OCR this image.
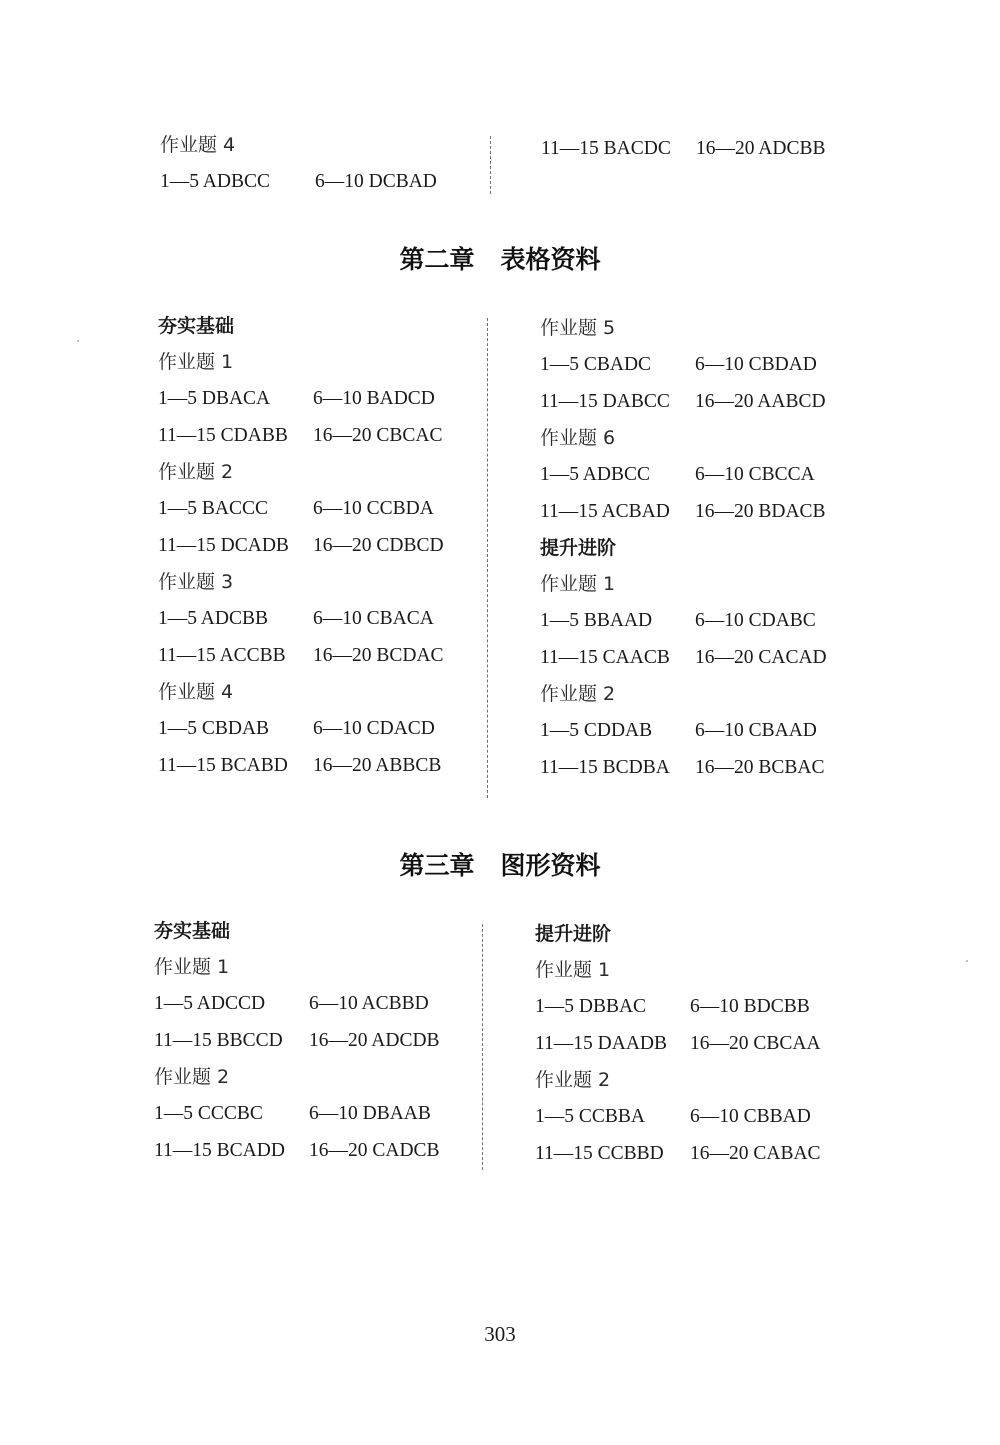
作业题 4
1—5 ADBCC 6—10 DCBAD
11—15 BACDC 16—20 ADCBB
第二章 表格资料
夯实基础
作业题 1
1—5 DBACA 6—10 BADCD
11—15 CDABB 16—20 CBCAC
作业题 2
1—5 BACCC 6—10 CCBDA
11—15 DCADB 16—20 CDBCD
作业题 3
1—5 ADCBB 6—10 CBACA
11—15 ACCBB 16—20 BCDAC
作业题 4
1—5 CBDAB 6—10 CDACD
11—15 BCABD 16—20 ABBCB
作业题 5
1—5 CBADC 6—10 CBDAD
11—15 DABCC 16—20 AABCD
作业题 6
1—5 ADBCC 6—10 CBCCA
11—15 ACBAD 16—20 BDACB
提升进阶
作业题 1
1—5 BBAAD 6—10 CDABC
11—15 CAACB 16—20 CACAD
作业题 2
1—5 CDDAB 6—10 CBAAD
11—15 BCDBA 16—20 BCBAC
第三章 图形资料
夯实基础
作业题 1
1—5 ADCCD 6—10 ACBBD
11—15 BBCCD 16—20 ADCDB
作业题 2
1—5 CCCBC 6—10 DBAAB
11—15 BCADD 16—20 CADCB
提升进阶
作业题 1
1—5 DBBAC 6—10 BDCBB
11—15 DAADB 16—20 CBCAA
作业题 2
1—5 CCBBA 6—10 CBBAD
11—15 CCBBD 16—20 CABAC
303
